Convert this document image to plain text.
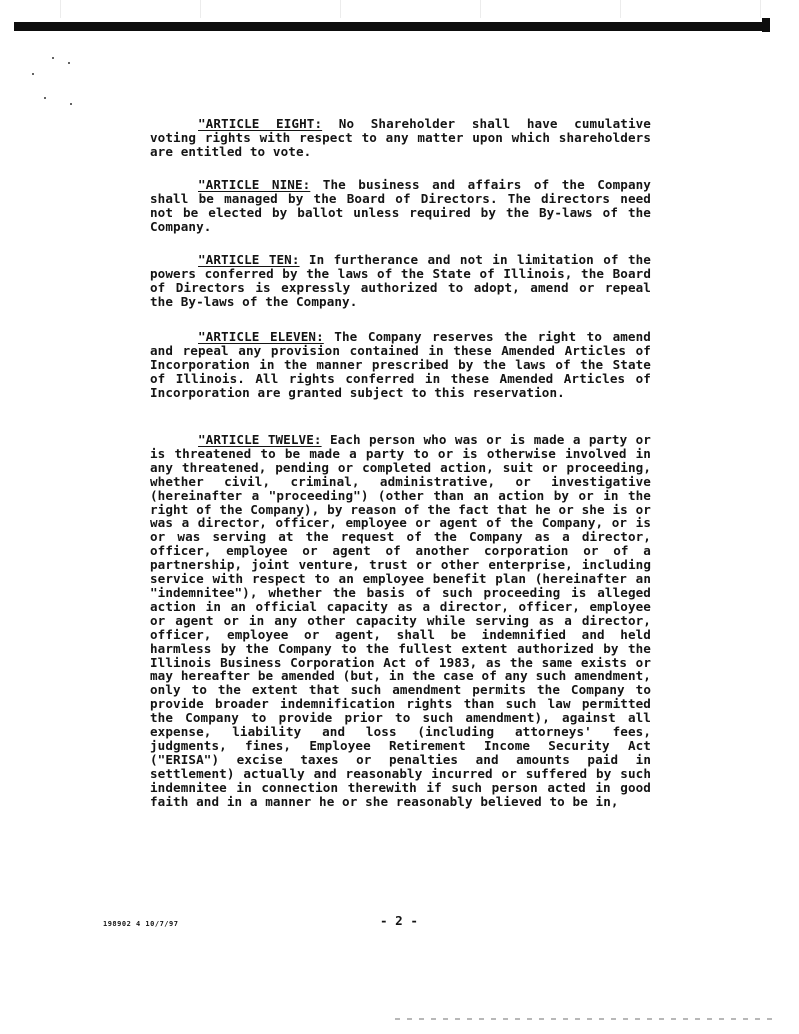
"ARTICLE EIGHT: No Shareholder shall have cumulative voting rights with respect to any matter upon which shareholders are entitled to vote.

"ARTICLE NINE: The business and affairs of the Company shall be managed by the Board of Directors. The directors need not be elected by ballot unless required by the By-laws of the Company.

"ARTICLE TEN: In furtherance and not in limitation of the powers conferred by the laws of the State of Illinois, the Board of Directors is expressly authorized to adopt, amend or repeal the By-laws of the Company.

"ARTICLE ELEVEN: The Company reserves the right to amend and repeal any provision contained in these Amended Articles of Incorporation in the manner prescribed by the laws of the State of Illinois. All rights conferred in these Amended Articles of Incorporation are granted subject to this reservation.

"ARTICLE TWELVE: Each person who was or is made a party or is threatened to be made a party to or is otherwise involved in any threatened, pending or completed action, suit or proceeding, whether civil, criminal, administrative, or investigative (hereinafter a "proceeding") (other than an action by or in the right of the Company), by reason of the fact that he or she is or was a director, officer, employee or agent of the Company, or is or was serving at the request of the Company as a director, officer, employee or agent of another corporation or of a partnership, joint venture, trust or other enterprise, including service with respect to an employee benefit plan (hereinafter an "indemnitee"), whether the basis of such proceeding is alleged action in an official capacity as a director, officer, employee or agent or in any other capacity while serving as a director, officer, employee or agent, shall be indemnified and held harmless by the Company to the fullest extent authorized by the Illinois Business Corporation Act of 1983, as the same exists or may hereafter be amended (but, in the case of any such amendment, only to the extent that such amendment permits the Company to provide broader indemnification rights than such law permitted the Company to provide prior to such amendment), against all expense, liability and loss (including attorneys' fees, judgments, fines, Employee Retirement Income Security Act ("ERISA") excise taxes or penalties and amounts paid in settlement) actually and reasonably incurred or suffered by such indemnitee in connection therewith if such person acted in good faith and in a manner he or she reasonably believed to be in,

198902 4 10/7/97	- 2 -
